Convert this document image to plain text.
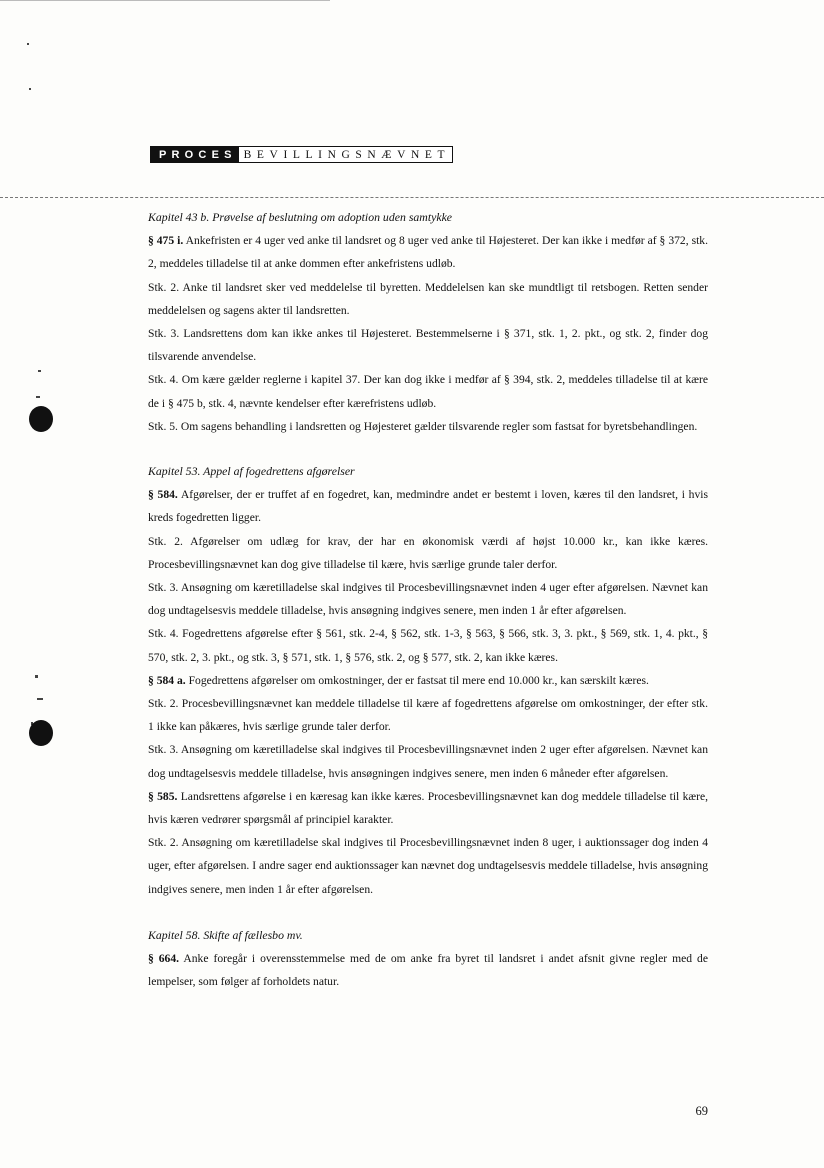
PROCES BEVILLINGSNÆVNET

Kapitel 43 b. Prøvelse af beslutning om adoption uden samtykke

§ 475 i. Ankefristen er 4 uger ved anke til landsret og 8 uger ved anke til Højesteret. Der kan ikke i medfør af § 372, stk. 2, meddeles tilladelse til at anke dommen efter ankefristens udløb.

Stk. 2. Anke til landsret sker ved meddelelse til byretten. Meddelelsen kan ske mundtligt til retsbogen. Retten sender meddelelsen og sagens akter til landsretten.

Stk. 3. Landsrettens dom kan ikke ankes til Højesteret. Bestemmelserne i § 371, stk. 1, 2. pkt., og stk. 2, finder dog tilsvarende anvendelse.

Stk. 4. Om kære gælder reglerne i kapitel 37. Der kan dog ikke i medfør af § 394, stk. 2, meddeles tilladelse til at kære de i § 475 b, stk. 4, nævnte kendelser efter kærefristens udløb.

Stk. 5. Om sagens behandling i landsretten og Højesteret gælder tilsvarende regler som fastsat for byretsbehandlingen.

Kapitel 53. Appel af fogedrettens afgørelser

§ 584. Afgørelser, der er truffet af en fogedret, kan, medmindre andet er bestemt i loven, kæres til den landsret, i hvis kreds fogedretten ligger.

Stk. 2. Afgørelser om udlæg for krav, der har en økonomisk værdi af højst 10.000 kr., kan ikke kæres. Procesbevillingsnævnet kan dog give tilladelse til kære, hvis særlige grunde taler derfor.

Stk. 3. Ansøgning om kæretilladelse skal indgives til Procesbevillingsnævnet inden 4 uger efter afgørelsen. Nævnet kan dog undtagelsesvis meddele tilladelse, hvis ansøgning indgives senere, men inden 1 år efter afgørelsen.

Stk. 4. Fogedrettens afgørelse efter § 561, stk. 2-4, § 562, stk. 1-3, § 563, § 566, stk. 3, 3. pkt., § 569, stk. 1, 4. pkt., § 570, stk. 2, 3. pkt., og stk. 3, § 571, stk. 1, § 576, stk. 2, og § 577, stk. 2, kan ikke kæres.

§ 584 a. Fogedrettens afgørelser om omkostninger, der er fastsat til mere end 10.000 kr., kan særskilt kæres.

Stk. 2. Procesbevillingsnævnet kan meddele tilladelse til kære af fogedrettens afgørelse om omkostninger, der efter stk. 1 ikke kan påkæres, hvis særlige grunde taler derfor.

Stk. 3. Ansøgning om kæretilladelse skal indgives til Procesbevillingsnævnet inden 2 uger efter afgørelsen. Nævnet kan dog undtagelsesvis meddele tilladelse, hvis ansøgningen indgives senere, men inden 6 måneder efter afgørelsen.

§ 585. Landsrettens afgørelse i en kæresag kan ikke kæres. Procesbevillingsnævnet kan dog meddele tilladelse til kære, hvis kæren vedrører spørgsmål af principiel karakter.

Stk. 2. Ansøgning om kæretilladelse skal indgives til Procesbevillingsnævnet inden 8 uger, i auktionssager dog inden 4 uger, efter afgørelsen. I andre sager end auktionssager kan nævnet dog undtagelsesvis meddele tilladelse, hvis ansøgning indgives senere, men inden 1 år efter afgørelsen.

Kapitel 58. Skifte af fællesbo mv.

§ 664. Anke foregår i overensstemmelse med de om anke fra byret til landsret i andet afsnit givne regler med de lempelser, som følger af forholdets natur.

69
